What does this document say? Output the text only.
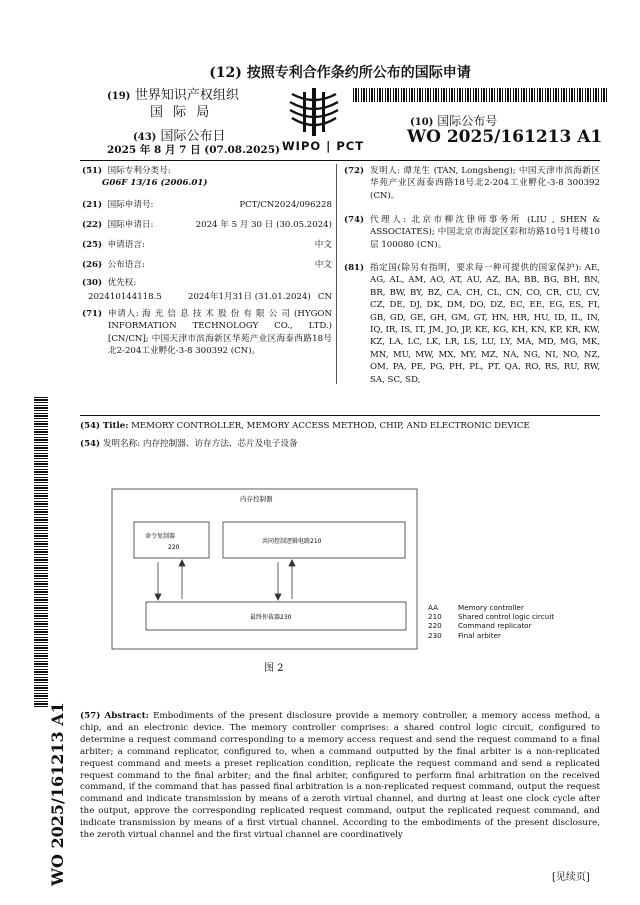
(12) 按照专利合作条约所公布的国际申请
(19) 世界知识产权组织
国 际 局
(43) 国际公布日
2025 年 8 月 7 日 (07.08.2025) WIPO | PCT
(10) 国际公布号
WO 2025/161213 A1
(51) 国际专利分类号:
G06F 13/16 (2006.01)
(21) 国际申请号:	PCT/CN2024/096228
(22) 国际申请日:	2024 年 5 月 30 日 (30.05.2024)
(25) 申请语言:	中文
(26) 公布语言:	中文
(30) 优先权:

202410144118.5	2024年1月31日 (31.01.2024) CN
(71) 申请人: 海 光 信 息 技 术 股 份 有 限 公 司 (HYGON INFORMATION TECHNOLOGY CO., LTD.) [CN/CN]; 中国天津市滨海新区华苑产业区海泰西路18号北2-204工业孵化-3-8 300392 (CN)。
(72) 发明人: 谭龙生 (TAN, Longsheng); 中国天津市滨海新区华苑产业区海泰西路18号北2-204工业孵化-3-8 300392 (CN)。
(74) 代理人: 北京市柳沈律师事务所 (LIU , SHEN & ASSOCIATES); 中国北京市海淀区彩和坊路10号1号楼10层 100080 (CN)。
(81) 指定国(除另有指明，要求每一种可提供的国家保护): AE, AG, AL, AM, AO, AT, AU, AZ, BA, BB, BG, BH, BN, BR, BW, BY, BZ, CA, CH, CL, CN, CO, CR, CU, CV, CZ, DE, DJ, DK, DM, DO, DZ, EC, EE, EG, ES, FI, GB, GD, GE, GH, GM, GT, HN, HR, HU, ID, IL, IN, IQ, IR, IS, IT, JM, JO, JP, KE, KG, KH, KN, KP, KR, KW, KZ, LA, LC, LK, LR, LS, LU, LY, MA, MD, MG, MK, MN, MU, MW, MX, MY, MZ, NA, NG, NI, NO, NZ, OM, PA, PE, PG, PH, PL, PT, QA, RO, RS, RU, RW, SA, SC, SD,
WO 2025/161213 A1
(54) Title: MEMORY CONTROLLER, MEMORY ACCESS METHOD, CHIP, AND ELECTRONIC DEVICE
(54) 发明名称: 内存控制器、访存方法、芯片及电子设备
内存控制器
命令复制器
220
共同控制逻辑电路210
最终仲裁器230
图 2
AA	Memory controller
210 Shared control logic circuit
220 Command replicator
230 Final arbiter
(57) Abstract: Embodiments of the present disclosure provide a memory controller, a memory access method, a chip, and an electronic device. The memory controller comprises: a shared control logic circuit, configured to determine a request command corresponding to a memory access request and send the request command to a final arbiter; a command replicator, configured to, when a command outputted by the final arbiter is a non-replicated request command and meets a preset replication condition, replicate the request command and send a replicated request command to the final arbiter; and the final arbiter, configured to perform final arbitration on the received command, if the command that has passed final arbitration is a non-replicated request command, output the request command and indicate transmission by means of a zeroth virtual channel, and during at least one clock cycle after the output, approve the corresponding replicated request command, output the replicated request command, and indicate transmission by means of a first virtual channel. According to the embodiments of the present disclosure, the zeroth virtual channel and the first virtual channel are coordinatively
[见续页]
